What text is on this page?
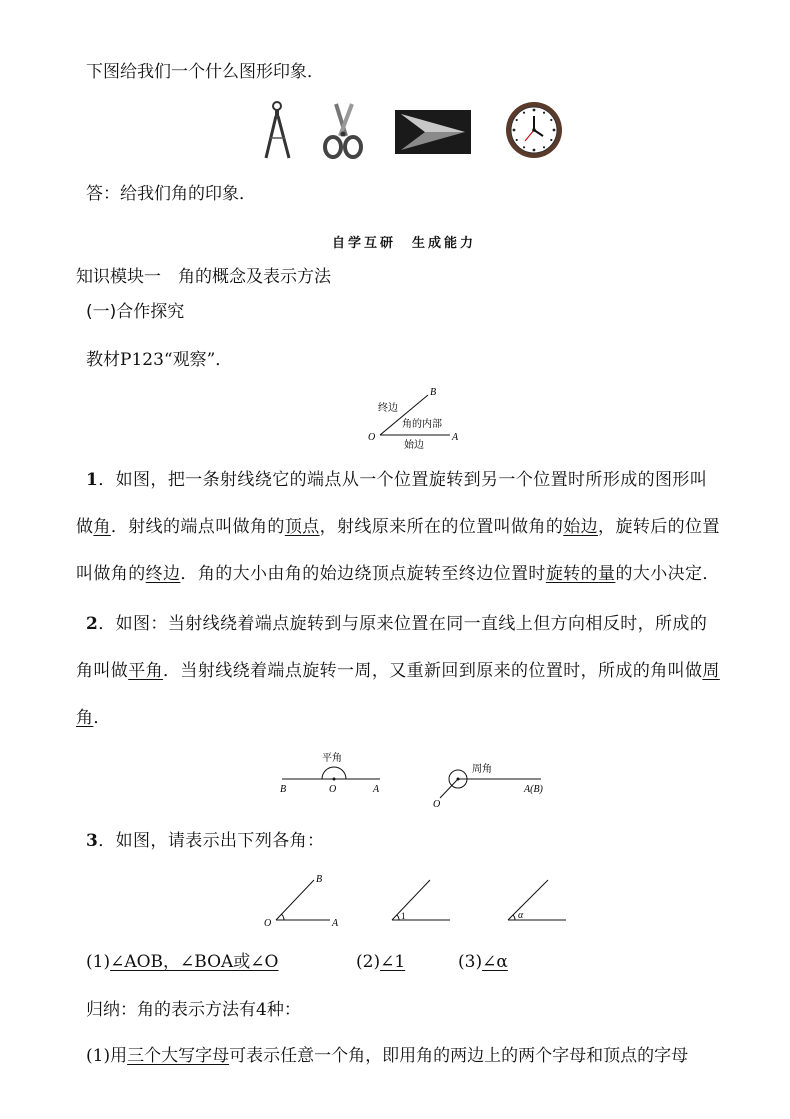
下图给我们一个什么图形印象．
答：给我们角的印象．
自学互研　生成能力
知识模块一　角的概念及表示方法
(一)合作探究
教材P123“观察”．
B
O	A
终边
角的内部
始边

1．如图，把一条射线绕它的端点从一个位置旋转到另一个位置时所形成的图形叫

做角．射线的端点叫做角的顶点，射线原来所在的位置叫做角的始边，旋转后的位置

叫做角的终边．角的大小由角的始边绕顶点旋转至终边位置时旋转的量的大小决定．

2．如图：当射线绕着端点旋转到与原来位置在同一直线上但方向相反时，所成的

角叫做平角．当射线绕着端点旋转一周，又重新回到原来的位置时，所成的角叫做周

角．

平角
B	O	A
周角
A(B)
O

3．如图，请表示出下列各角：

B
O	A
1	α
(1)∠AOB，∠BOA或∠O	(2)∠1	(3)∠α
归纳：角的表示方法有4种：
(1)用三个大写字母可表示任意一个角，即用角的两边上的两个字母和顶点的字母
